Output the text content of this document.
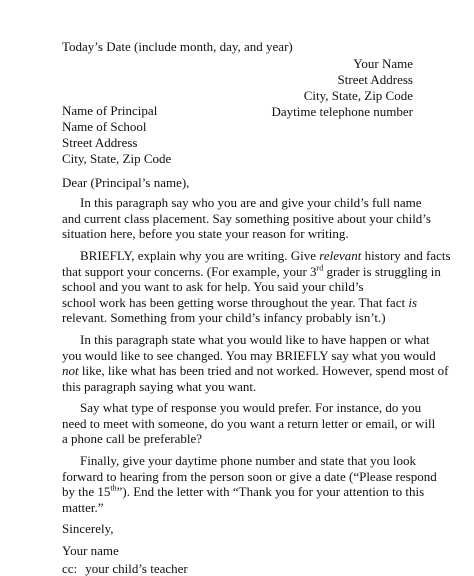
Today’s Date (include month, day, and year)
Your Name
Street Address
City, State, Zip Code
Daytime telephone number
Name of Principal
Name of School
Street Address
City, State, Zip Code
Dear (Principal’s name),
In this paragraph say who you are and give your child’s full name
and current class placement. Say something positive about your child’s
situation here, before you state your reason for writing.
BRIEFLY, explain why you are writing. Give relevant history and facts
that support your concerns. (For example, your 3rd grader is struggling in
school and you want to ask for help. You said your child’s
school work has been getting worse throughout the year. That fact is
relevant. Something from your child’s infancy probably isn’t.)
In this paragraph state what you would like to have happen or what
you would like to see changed. You may BRIEFLY say what you would
not like, like what has been tried and not worked. However, spend most of
this paragraph saying what you want.
Say what type of response you would prefer. For instance, do you
need to meet with someone, do you want a return letter or email, or will
a phone call be preferable?
Finally, give your daytime phone number and state that you look
forward to hearing from the person soon or give a date (“Please respond
by the 15th”). End the letter with “Thank you for your attention to this
matter.”
Sincerely,
Your name
cc: your child’s teacher
